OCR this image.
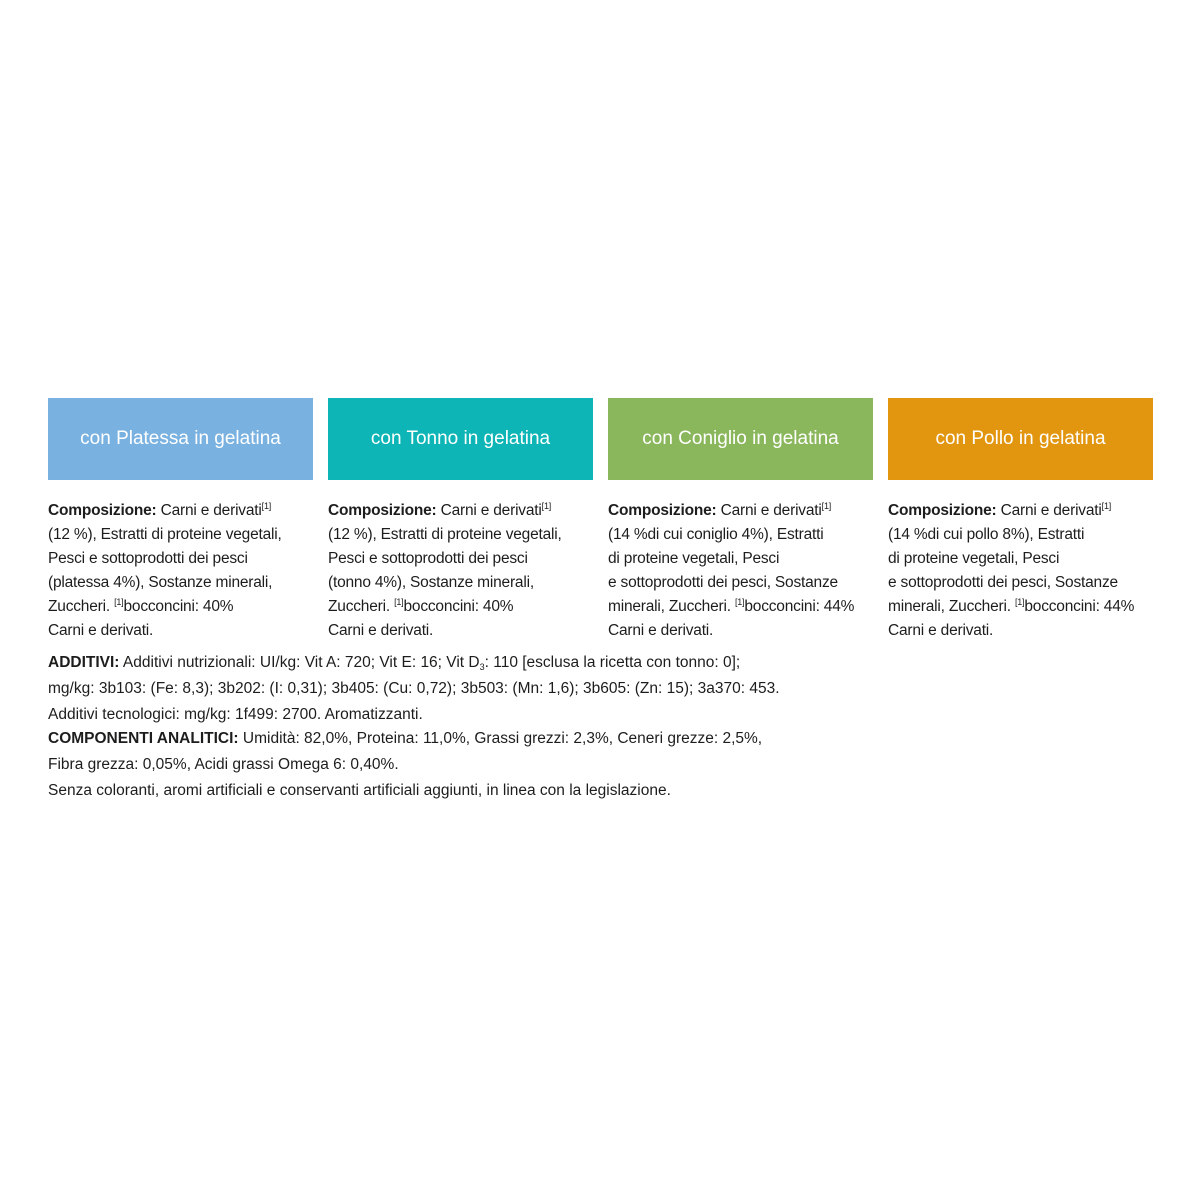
con Platessa in gelatina	con Tonno in gelatina	con Coniglio in gelatina	con Pollo in gelatina
Composizione: Carni e derivati[1]
(12 %), Estratti di proteine vegetali,
Pesci e sottoprodotti dei pesci
(platessa 4%), Sostanze minerali,
Zuccheri. [1]bocconcini: 40%
Carni e derivati.
Composizione: Carni e derivati[1]
(12 %), Estratti di proteine vegetali,
Pesci e sottoprodotti dei pesci
(tonno 4%), Sostanze minerali,
Zuccheri. [1]bocconcini: 40%
Carni e derivati.
Composizione: Carni e derivati[1]
(14 %di cui coniglio 4%), Estratti
di proteine vegetali, Pesci
e sottoprodotti dei pesci, Sostanze
minerali, Zuccheri. [1]bocconcini: 44%
Carni e derivati.
Composizione: Carni e derivati[1]
(14 %di cui pollo 8%), Estratti
di proteine vegetali, Pesci
e sottoprodotti dei pesci, Sostanze
minerali, Zuccheri. [1]bocconcini: 44%
Carni e derivati.
ADDITIVI: Additivi nutrizionali: UI/kg: Vit A: 720; Vit E: 16; Vit $D_3$: 110 [esclusa la ricetta con tonno: 0];
mg/kg: 3b103: (Fe: 8,3); 3b202: (I: 0,31); 3b405: (Cu: 0,72); 3b503: (Mn: 1,6); 3b605: (Zn: 15); 3a370: 453.
Additivi tecnologici: mg/kg: 1f499: 2700. Aromatizzanti.
COMPONENTI ANALITICI: Umidità: 82,0%, Proteina: 11,0%, Grassi grezzi: 2,3%, Ceneri grezze: 2,5%,
Fibra grezza: 0,05%, Acidi grassi Omega 6: 0,40%.
Senza coloranti, aromi artificiali e conservanti artificiali aggiunti, in linea con la legislazione.
